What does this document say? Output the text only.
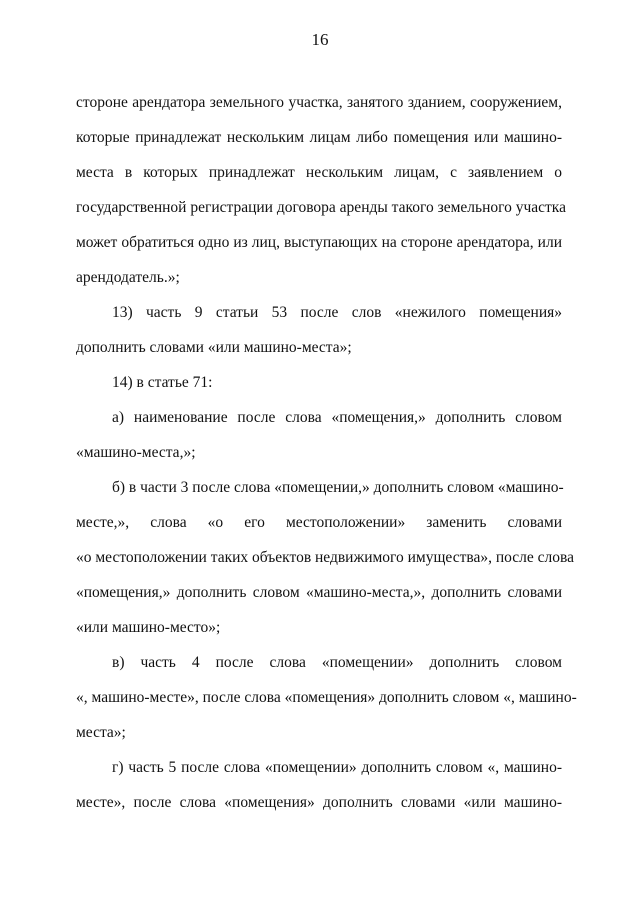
16
стороне арендатора земельного участка, занятого зданием, сооружением,
которые принадлежат нескольким лицам либо помещения или машино-
места в которых принадлежат нескольким лицам, с заявлением о
государственной регистрации договора аренды такого земельного участка
может обратиться одно из лиц, выступающих на стороне арендатора, или
арендодатель.»;
13) часть 9 статьи 53 после слов «нежилого помещения»
дополнить словами «или машино-места»;
14) в статье 71:
а) наименование после слова «помещения,» дополнить словом
«машино-места,»;
б) в части 3 после слова «помещении,» дополнить словом «машино-
месте,», слова «о его местоположении» заменить словами
«о местоположении таких объектов недвижимого имущества», после слова
«помещения,» дополнить словом «машино-места,», дополнить словами
«или машино-место»;
в) часть 4 после слова «помещении» дополнить словом
«, машино-месте», после слова «помещения» дополнить словом «, машино-
места»;
г) часть 5 после слова «помещении» дополнить словом «, машино-
месте», после слова «помещения» дополнить словами «или машино-
